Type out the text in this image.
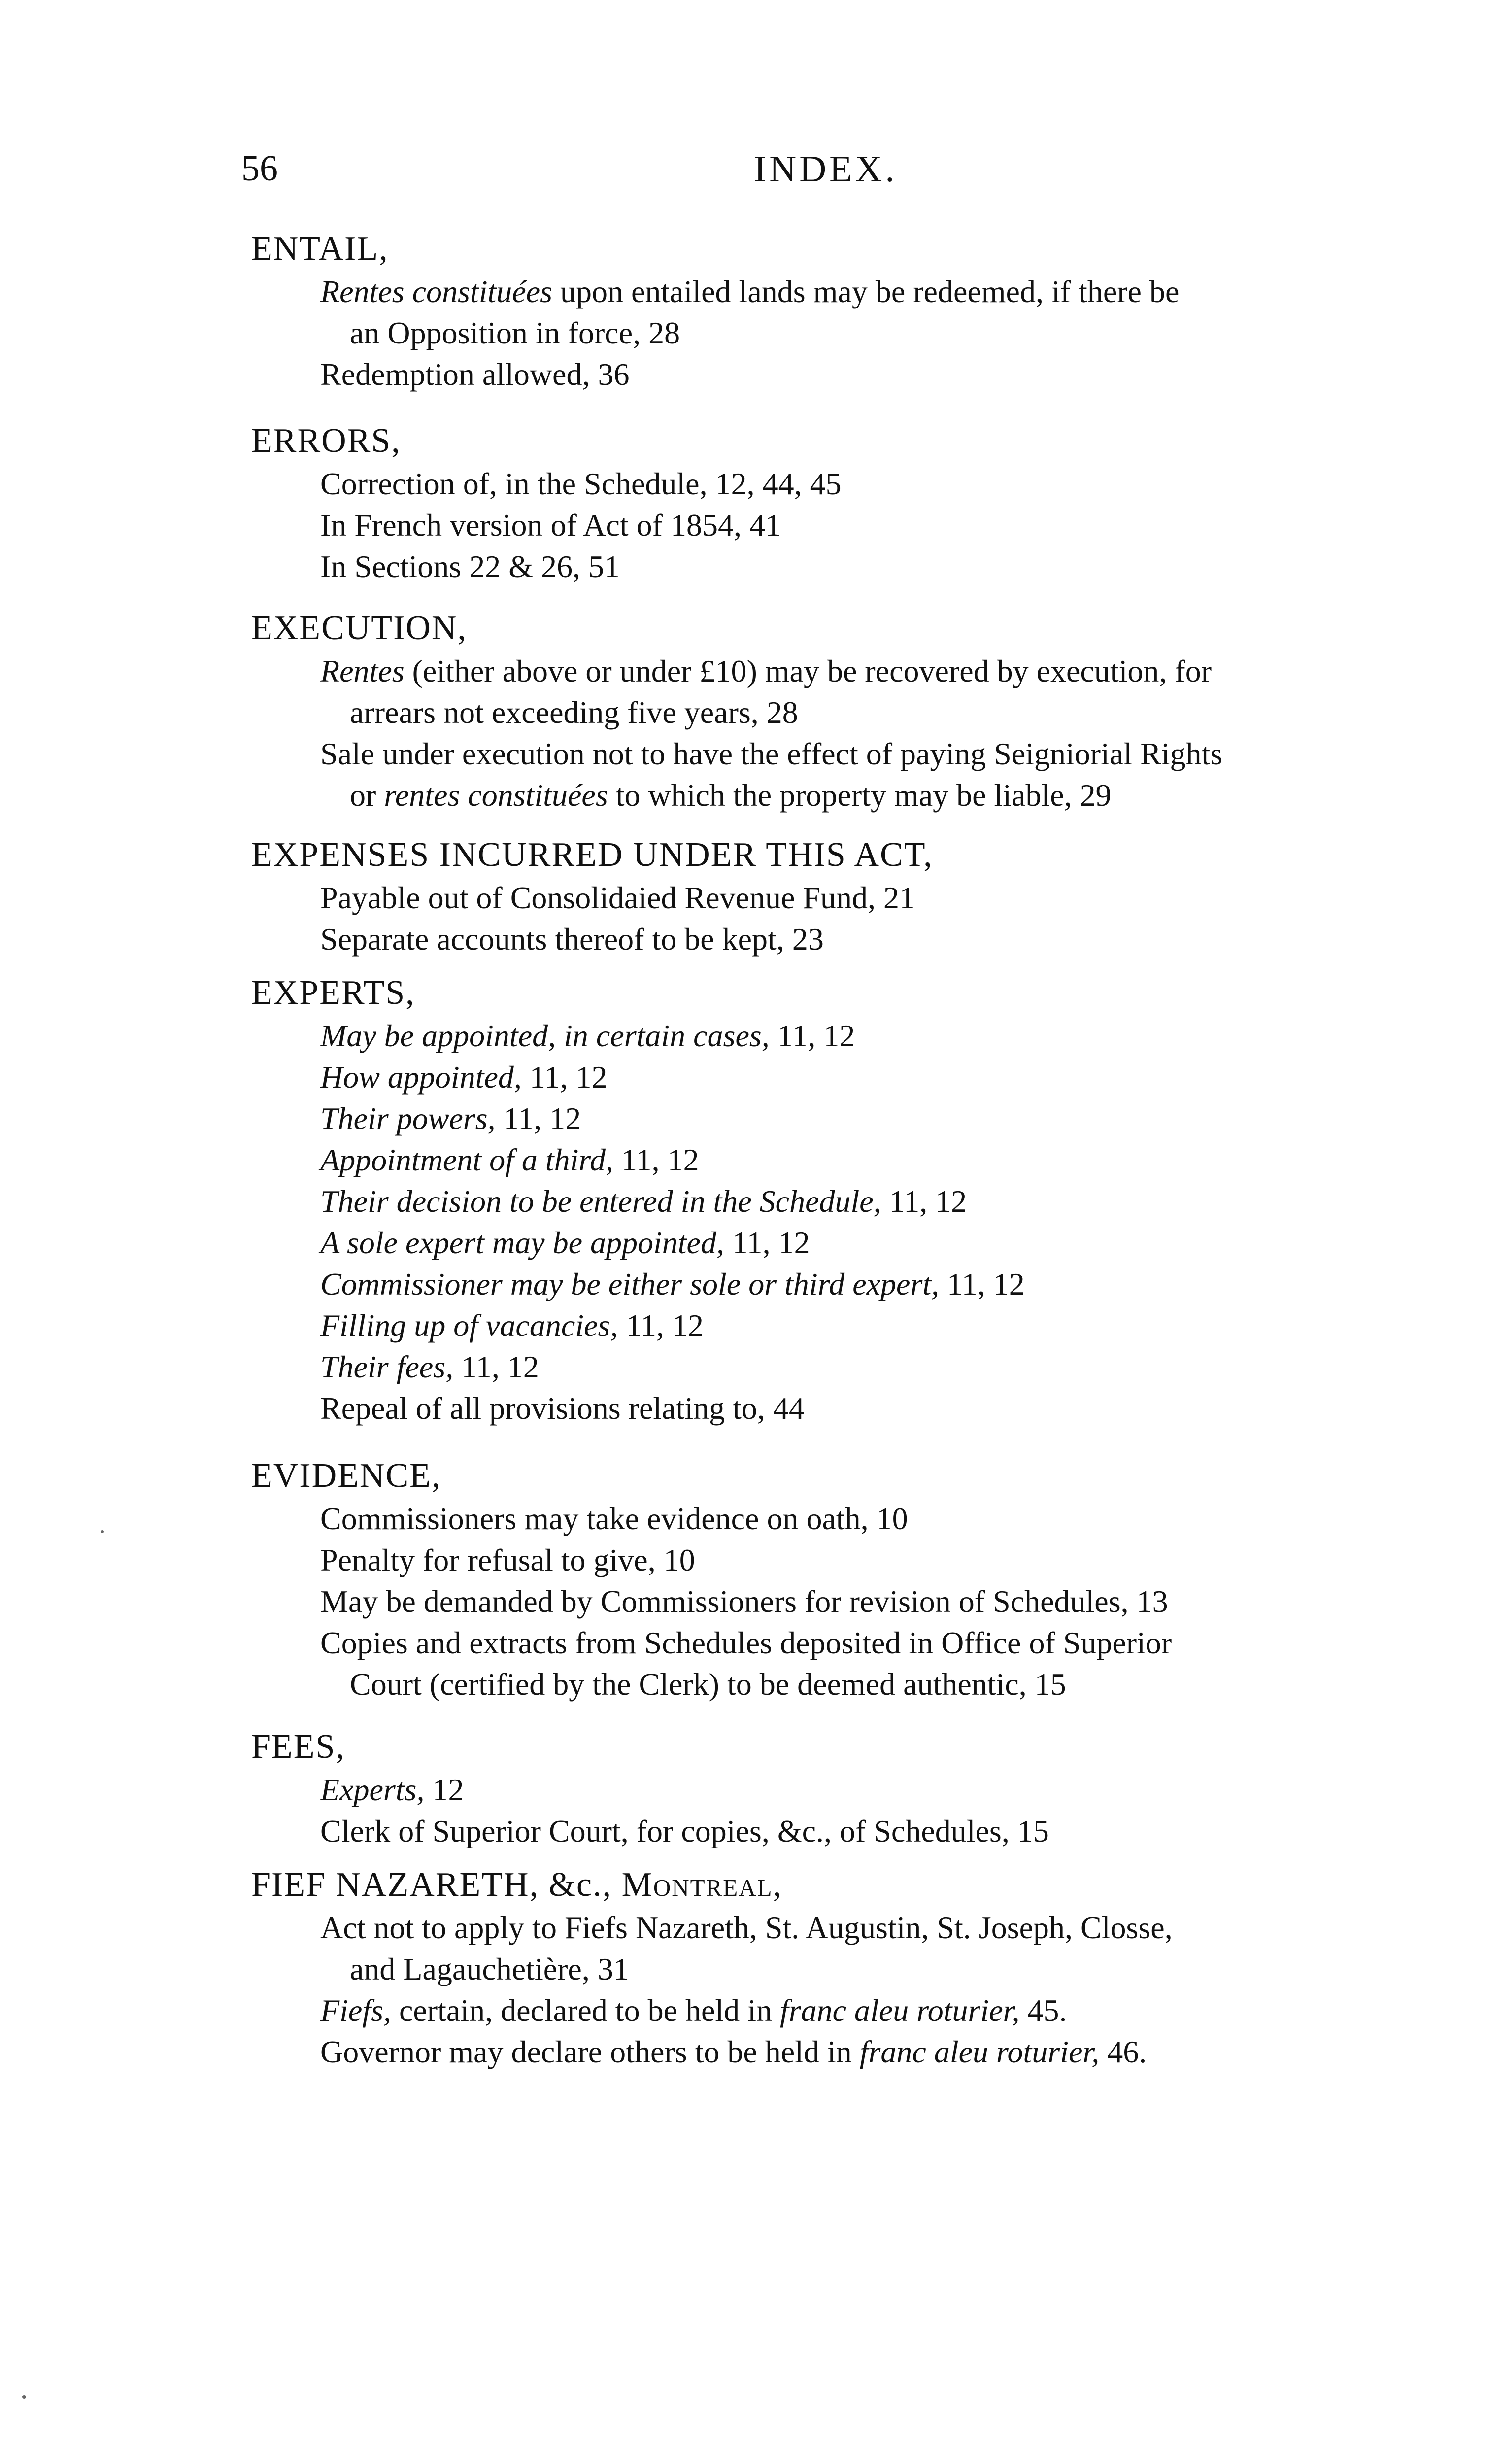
56	INDEX.
ENTAIL,
Rentes constituées upon entailed lands may be redeemed, if there be
an Opposition in force, 28
Redemption allowed, 36
ERRORS,
Correction of, in the Schedule, 12, 44, 45
In French version of Act of 1854, 41
In Sections 22 & 26, 51
EXECUTION,
Rentes (either above or under £10) may be recovered by execution, for
arrears not exceeding five years, 28
Sale under execution not to have the effect of paying Seigniorial Rights
or rentes constituées to which the property may be liable, 29
EXPENSES INCURRED UNDER THIS ACT,
Payable out of Consolidaied Revenue Fund, 21
Separate accounts thereof to be kept, 23
EXPERTS,
May be appointed, in certain cases, 11, 12
How appointed, 11, 12
Their powers, 11, 12
Appointment of a third, 11, 12
Their decision to be entered in the Schedule, 11, 12
A sole expert may be appointed, 11, 12
Commissioner may be either sole or third expert, 11, 12
Filling up of vacancies, 11, 12
Their fees, 11, 12
Repeal of all provisions relating to, 44
EVIDENCE,
Commissioners may take evidence on oath, 10
Penalty for refusal to give, 10
May be demanded by Commissioners for revision of Schedules, 13
Copies and extracts from Schedules deposited in Office of Superior
Court (certified by the Clerk) to be deemed authentic, 15
FEES,
Experts, 12
Clerk of Superior Court, for copies, &c., of Schedules, 15
FIEF NAZARETH, &c., Montreal,
Act not to apply to Fiefs Nazareth, St. Augustin, St. Joseph, Closse,
and Lagauchetière, 31
Fiefs, certain, declared to be held in franc aleu roturier, 45.
Governor may declare others to be held in franc aleu roturier, 46.
